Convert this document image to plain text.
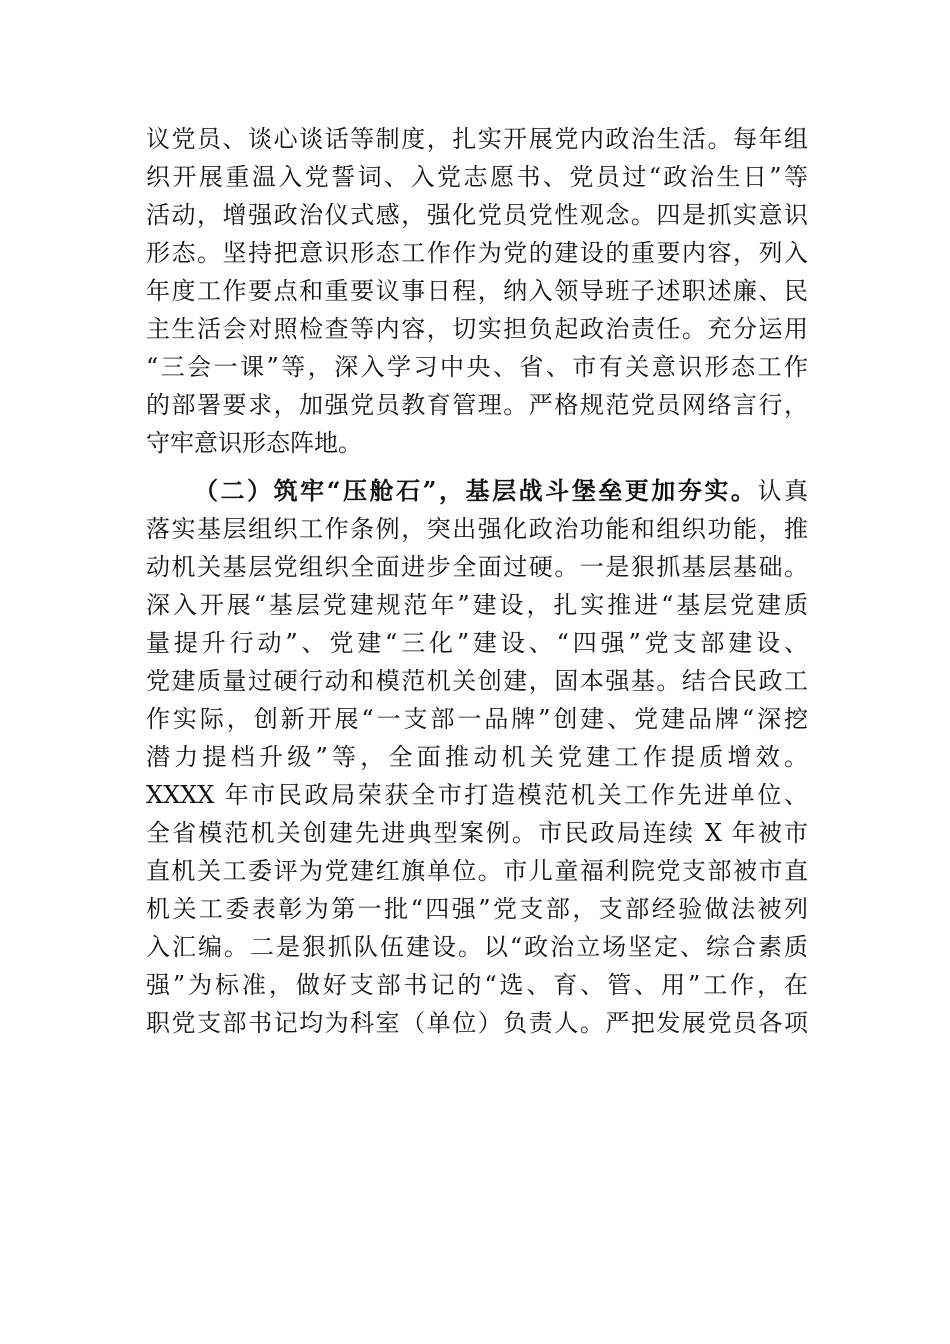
议党员、谈心谈话等制度，扎实开展党内政治生活。每年组
织开展重温入党誓词、入党志愿书、党员过“政治生日”等
活动，增强政治仪式感，强化党员党性观念。四是抓实意识
形态。坚持把意识形态工作作为党的建设的重要内容，列入
年度工作要点和重要议事日程，纳入领导班子述职述廉、民
主生活会对照检查等内容，切实担负起政治责任。充分运用
“三会一课”等，深入学习中央、省、市有关意识形态工作
的部署要求，加强党员教育管理。严格规范党员网络言行，
守牢意识形态阵地。
（二）筑牢“压舱石”，基层战斗堡垒更加夯实。认真
落实基层组织工作条例，突出强化政治功能和组织功能，推
动机关基层党组织全面进步全面过硬。一是狠抓基层基础。
深入开展“基层党建规范年”建设，扎实推进“基层党建质
量提升行动”、党建“三化”建设、“四强”党支部建设、
党建质量过硬行动和模范机关创建，固本强基。结合民政工
作实际，创新开展“一支部一品牌”创建、党建品牌“深挖
潜力提档升级”等，全面推动机关党建工作提质增效。
XXXX 年市民政局荣获全市打造模范机关工作先进单位、
全省模范机关创建先进典型案例。市民政局连续 X 年被市
直机关工委评为党建红旗单位。市儿童福利院党支部被市直
机关工委表彰为第一批“四强”党支部，支部经验做法被列
入汇编。二是狠抓队伍建设。以“政治立场坚定、综合素质
强”为标准，做好支部书记的“选、育、管、用”工作，在
职党支部书记均为科室（单位）负责人。严把发展党员各项
